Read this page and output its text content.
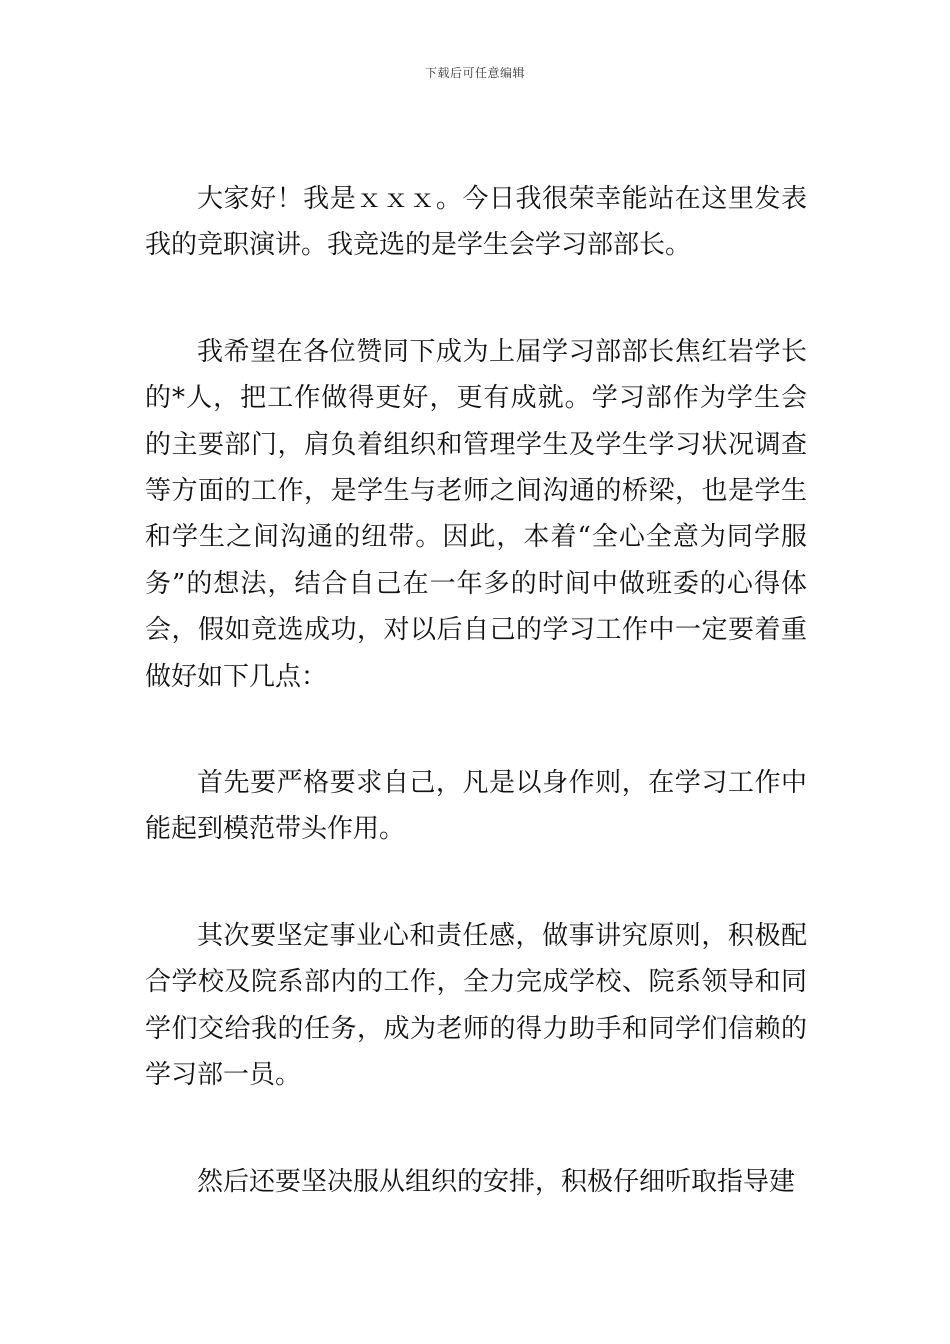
下载后可任意编辑

大家好！我是ｘｘｘ。今日我很荣幸能站在这里发表我的竞职演讲。我竞选的是学生会学习部部长。

我希望在各位赞同下成为上届学习部部长焦红岩学长的*人，把工作做得更好，更有成就。学习部作为学生会的主要部门，肩负着组织和管理学生及学生学习状况调查等方面的工作，是学生与老师之间沟通的桥梁，也是学生和学生之间沟通的纽带。因此，本着“全心全意为同学服务”的想法，结合自己在一年多的时间中做班委的心得体会，假如竞选成功，对以后自己的学习工作中一定要着重做好如下几点：

首先要严格要求自己，凡是以身作则，在学习工作中能起到模范带头作用。

其次要坚定事业心和责任感，做事讲究原则，积极配合学校及院系部内的工作，全力完成学校、院系领导和同学们交给我的任务，成为老师的得力助手和同学们信赖的学习部一员。

然后还要坚决服从组织的安排，积极仔细听取指导建
